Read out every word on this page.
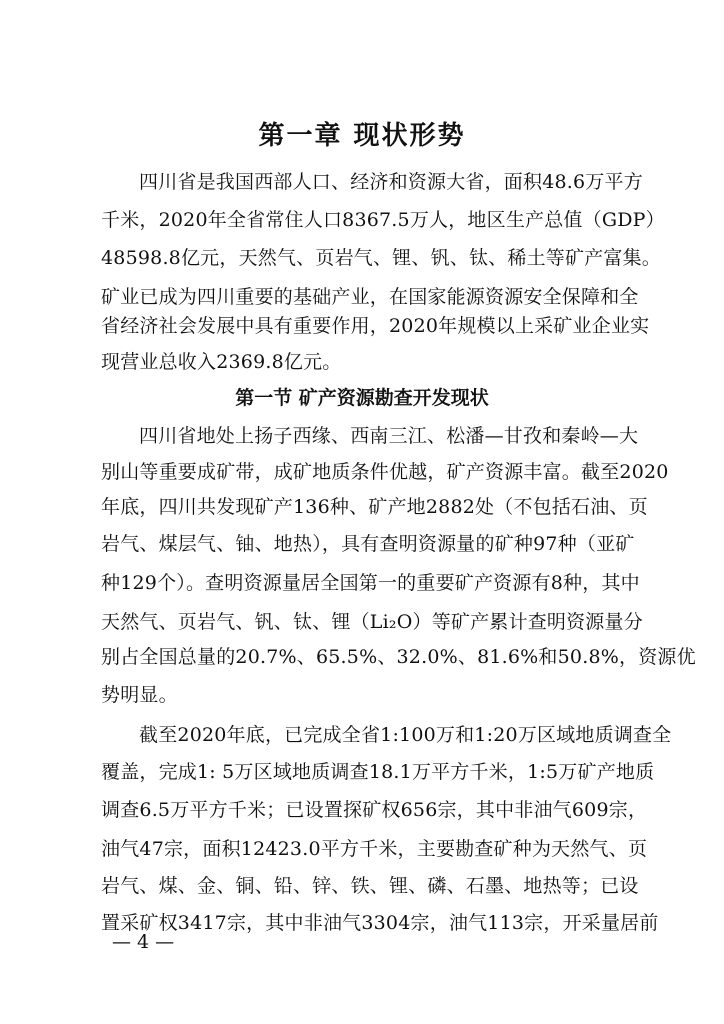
第一章 现状形势
四川省是我国西部人口、经济和资源大省，面积48.6万平方
千米，2020年全省常住人口8367.5万人，地区生产总值（GDP）
48598.8亿元，天然气、页岩气、锂、钒、钛、稀土等矿产富集。
矿业已成为四川重要的基础产业，在国家能源资源安全保障和全
省经济社会发展中具有重要作用，2020年规模以上采矿业企业实
现营业总收入2369.8亿元。
第一节 矿产资源勘查开发现状
四川省地处上扬子西缘、西南三江、松潘—甘孜和秦岭—大
别山等重要成矿带，成矿地质条件优越，矿产资源丰富。截至2020
年底，四川共发现矿产136种、矿产地2882处（不包括石油、页
岩气、煤层气、铀、地热），具有查明资源量的矿种97种（亚矿
种129个）。查明资源量居全国第一的重要矿产资源有8种，其中
天然气、页岩气、钒、钛、锂（Li₂O）等矿产累计查明资源量分
别占全国总量的20.7%、65.5%、32.0%、81.6%和50.8%，资源优
势明显。
截至2020年底，已完成全省1:100万和1:20万区域地质调查全
覆盖，完成1: 5万区域地质调查18.1万平方千米，1:5万矿产地质
调查6.5万平方千米；已设置探矿权656宗，其中非油气609宗，
油气47宗，面积12423.0平方千米，主要勘查矿种为天然气、页
岩气、煤、金、铜、铅、锌、铁、锂、磷、石墨、地热等；已设
置采矿权3417宗，其中非油气3304宗，油气113宗，开采量居前
— 4 —
